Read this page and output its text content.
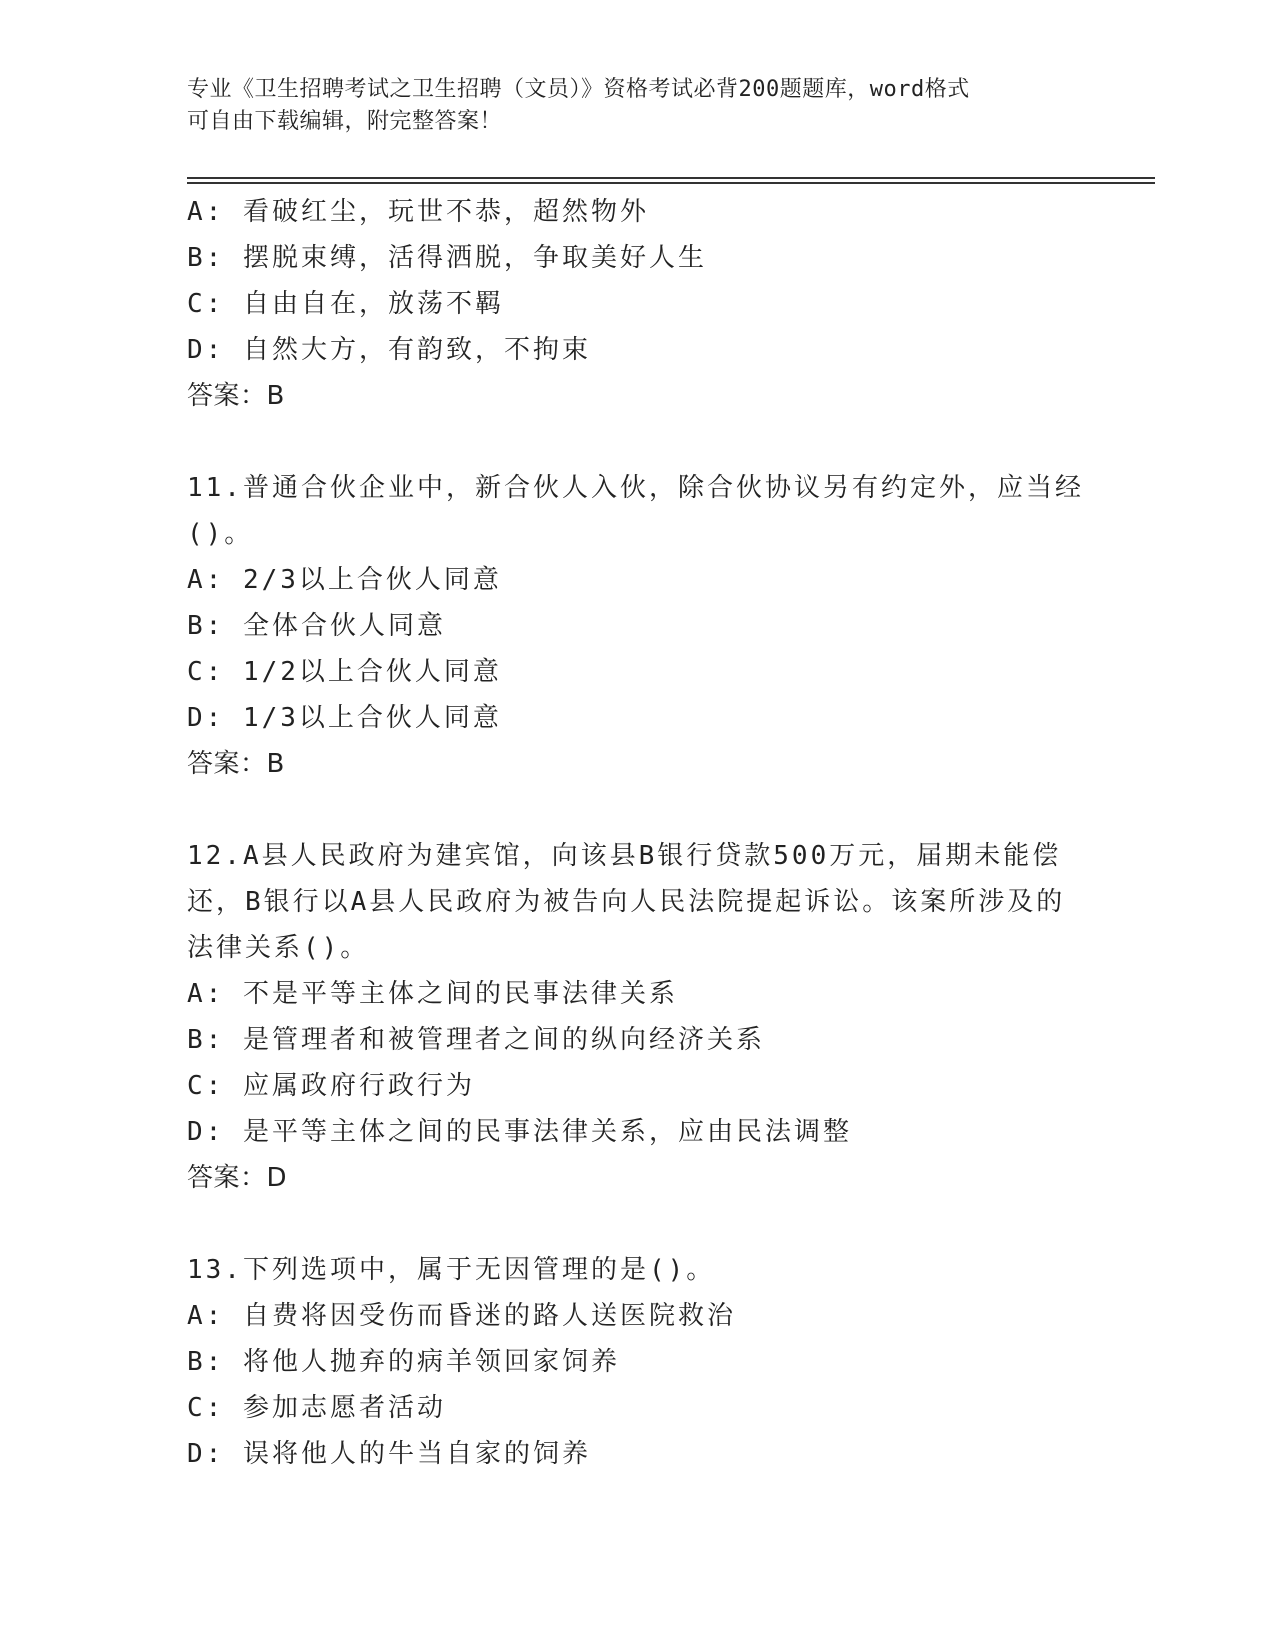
专业《卫生招聘考试之卫生招聘（文员）》资格考试必背200题题库，word格式
可自由下载编辑，附完整答案！
A: 看破红尘，玩世不恭，超然物外
B: 摆脱束缚，活得洒脱，争取美好人生
C: 自由自在，放荡不羁
D: 自然大方，有韵致，不拘束
答案：B
11.普通合伙企业中，新合伙人入伙，除合伙协议另有约定外，应当经
()。
A: 2/3以上合伙人同意
B: 全体合伙人同意
C: 1/2以上合伙人同意
D: 1/3以上合伙人同意
答案：B
12.A县人民政府为建宾馆，向该县B银行贷款500万元，届期未能偿
还，B银行以A县人民政府为被告向人民法院提起诉讼。该案所涉及的
法律关系()。
A: 不是平等主体之间的民事法律关系
B: 是管理者和被管理者之间的纵向经济关系
C: 应属政府行政行为
D: 是平等主体之间的民事法律关系，应由民法调整
答案：D
13.下列选项中，属于无因管理的是()。
A: 自费将因受伤而昏迷的路人送医院救治
B: 将他人抛弃的病羊领回家饲养
C: 参加志愿者活动
D: 误将他人的牛当自家的饲养
